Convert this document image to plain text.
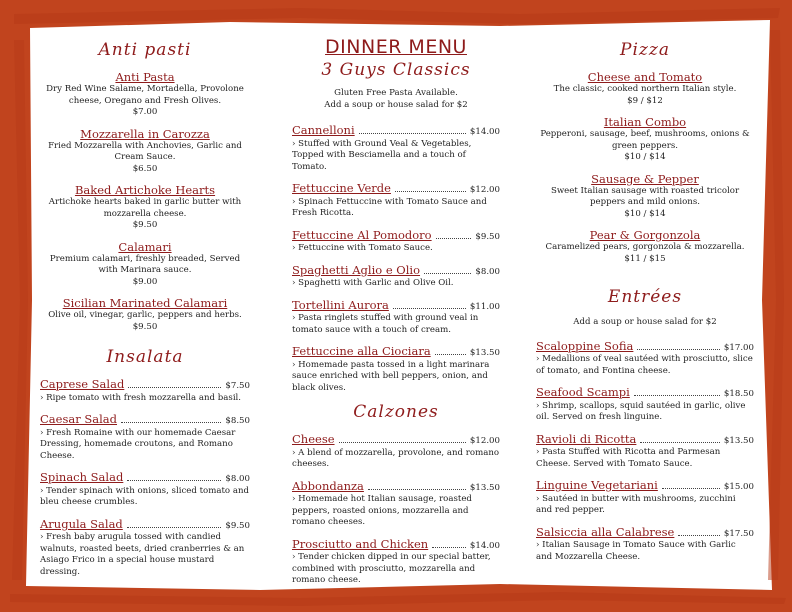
Anti pasti
Anti Pasta
Dry Red Wine Salame, Mortadella, Provolone cheese, Oregano and Fresh Olives.
$7.00
Mozzarella in Carozza
Fried Mozzarella with Anchovies, Garlic and Cream Sauce.
$6.50
Baked Artichoke Hearts
Artichoke hearts baked in garlic butter with mozzarella cheese.
$9.50
Calamari
Premium calamari, freshly breaded, Served with Marinara sauce.
$9.00
Sicilian Marinated Calamari
Olive oil, vinegar, garlic, peppers and herbs.
$9.50
Insalata
Caprese Salad	$7.50
› Ripe tomato with fresh mozzarella and basil.
Caesar Salad	$8.50
› Fresh Romaine with our homemade Caesar Dressing, homemade croutons, and Romano Cheese.
Spinach Salad	$8.00
› Tender spinach with onions, sliced tomato and bleu cheese crumbles.
Arugula Salad	$9.50
› Fresh baby arugula tossed with candied walnuts, roasted beets, dried cranberries & an Asiago Frico in a special house mustard dressing.
DINNER MENU
3 Guys Classics
Gluten Free Pasta Available.
Add a soup or house salad for $2
Cannelloni	$14.00
› Stuffed with Ground Veal & Vegetables, Topped with Besciamella and a touch of Tomato.
Fettuccine Verde	$12.00
› Spinach Fettuccine with Tomato Sauce and Fresh Ricotta.
Fettuccine Al Pomodoro	$9.50
› Fettuccine with Tomato Sauce.
Spaghetti Aglio e Olio	$8.00
› Spaghetti with Garlic and Olive Oil.
Tortellini Aurora	$11.00
› Pasta ringlets stuffed with ground veal in tomato sauce with a touch of cream.
Fettuccine alla Ciociara	$13.50
› Homemade pasta tossed in a light marinara sauce enriched with bell peppers, onion, and black olives.
Calzones
Cheese	$12.00
› A blend of mozzarella, provolone, and romano cheeses.
Abbondanza	$13.50
› Homemade hot Italian sausage, roasted peppers, roasted onions, mozzarella and romano cheeses.
Prosciutto and Chicken	$14.00
› Tender chicken dipped in our special batter, combined with prosciutto, mozzarella and romano cheese.
Pizza
Cheese and Tomato
The classic, cooked northern Italian style.
$9 / $12
Italian Combo
Pepperoni, sausage, beef, mushrooms, onions & green peppers.
$10 / $14
Sausage & Pepper
Sweet Italian sausage with roasted tricolor peppers and mild onions.
$10 / $14
Pear & Gorgonzola
Caramelized pears, gorgonzola & mozzarella.
$11 / $15
Entrées
Add a soup or house salad for $2
Scaloppine Sofia	$17.00
› Medallions of veal sautéed with prosciutto, slice of tomato, and Fontina cheese.
Seafood Scampi	$18.50
› Shrimp, scallops, squid sautéed in garlic, olive oil. Served on fresh linguine.
Ravioli di Ricotta	$13.50
› Pasta Stuffed with Ricotta and Parmesan Cheese. Served with Tomato Sauce.
Linguine Vegetariani	$15.00
› Sautéed in butter with mushrooms, zucchini and red pepper.
Salsiccia alla Calabrese	$17.50
› Italian Sausage in Tomato Sauce with Garlic and Mozzarella Cheese.
